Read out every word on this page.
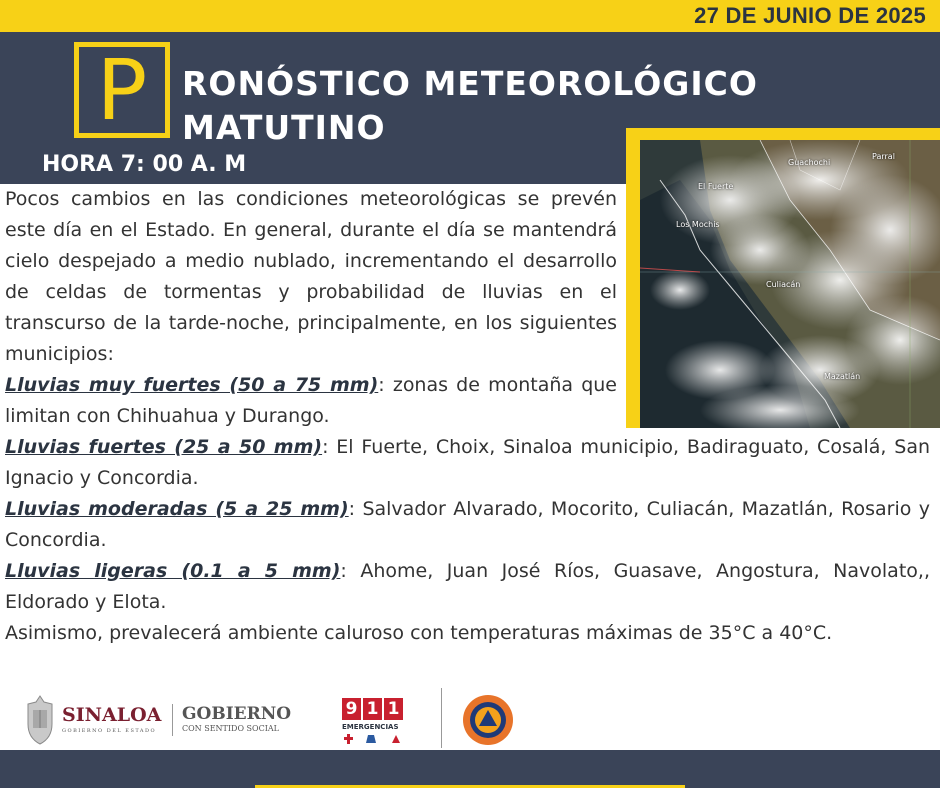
27 DE JUNIO DE 2025
P	RONÓSTICO METEOROLÓGICO
MATUTINO
HORA 7: 00 A. M	Guachochi
Parral
El Fuerte
Los Mochis
Culiacán
Mazatlán

Pocos cambios en las condiciones meteorológicas se prevén este día en el Estado. En general, durante el día se mantendrá cielo despejado a medio nublado, incrementando el desarrollo de celdas de tormentas y probabilidad de lluvias en el transcurso de la tarde-noche, principalmente, en los siguientes municipios:

Lluvias muy fuertes (50 a 75 mm): zonas de montaña que limitan con Chihuahua y Durango.

Lluvias fuertes (25 a 50 mm): El Fuerte, Choix, Sinaloa municipio, Badiraguato, Cosalá, San Ignacio y Concordia.

Lluvias moderadas (5 a 25 mm): Salvador Alvarado, Mocorito, Culiacán, Mazatlán, Rosario y Concordia.

Lluvias ligeras (0.1 a 5 mm): Ahome, Juan José Ríos, Guasave, Angostura, Navolato,, Eldorado y Elota.

Asimismo, prevalecerá ambiente caluroso con temperaturas máximas de 35°C a 40°C.

SINALOA
GOBIERNO DEL ESTADO
GOBIERNO
CON SENTIDO SOCIAL
9 1 1
EMERGENCIAS
